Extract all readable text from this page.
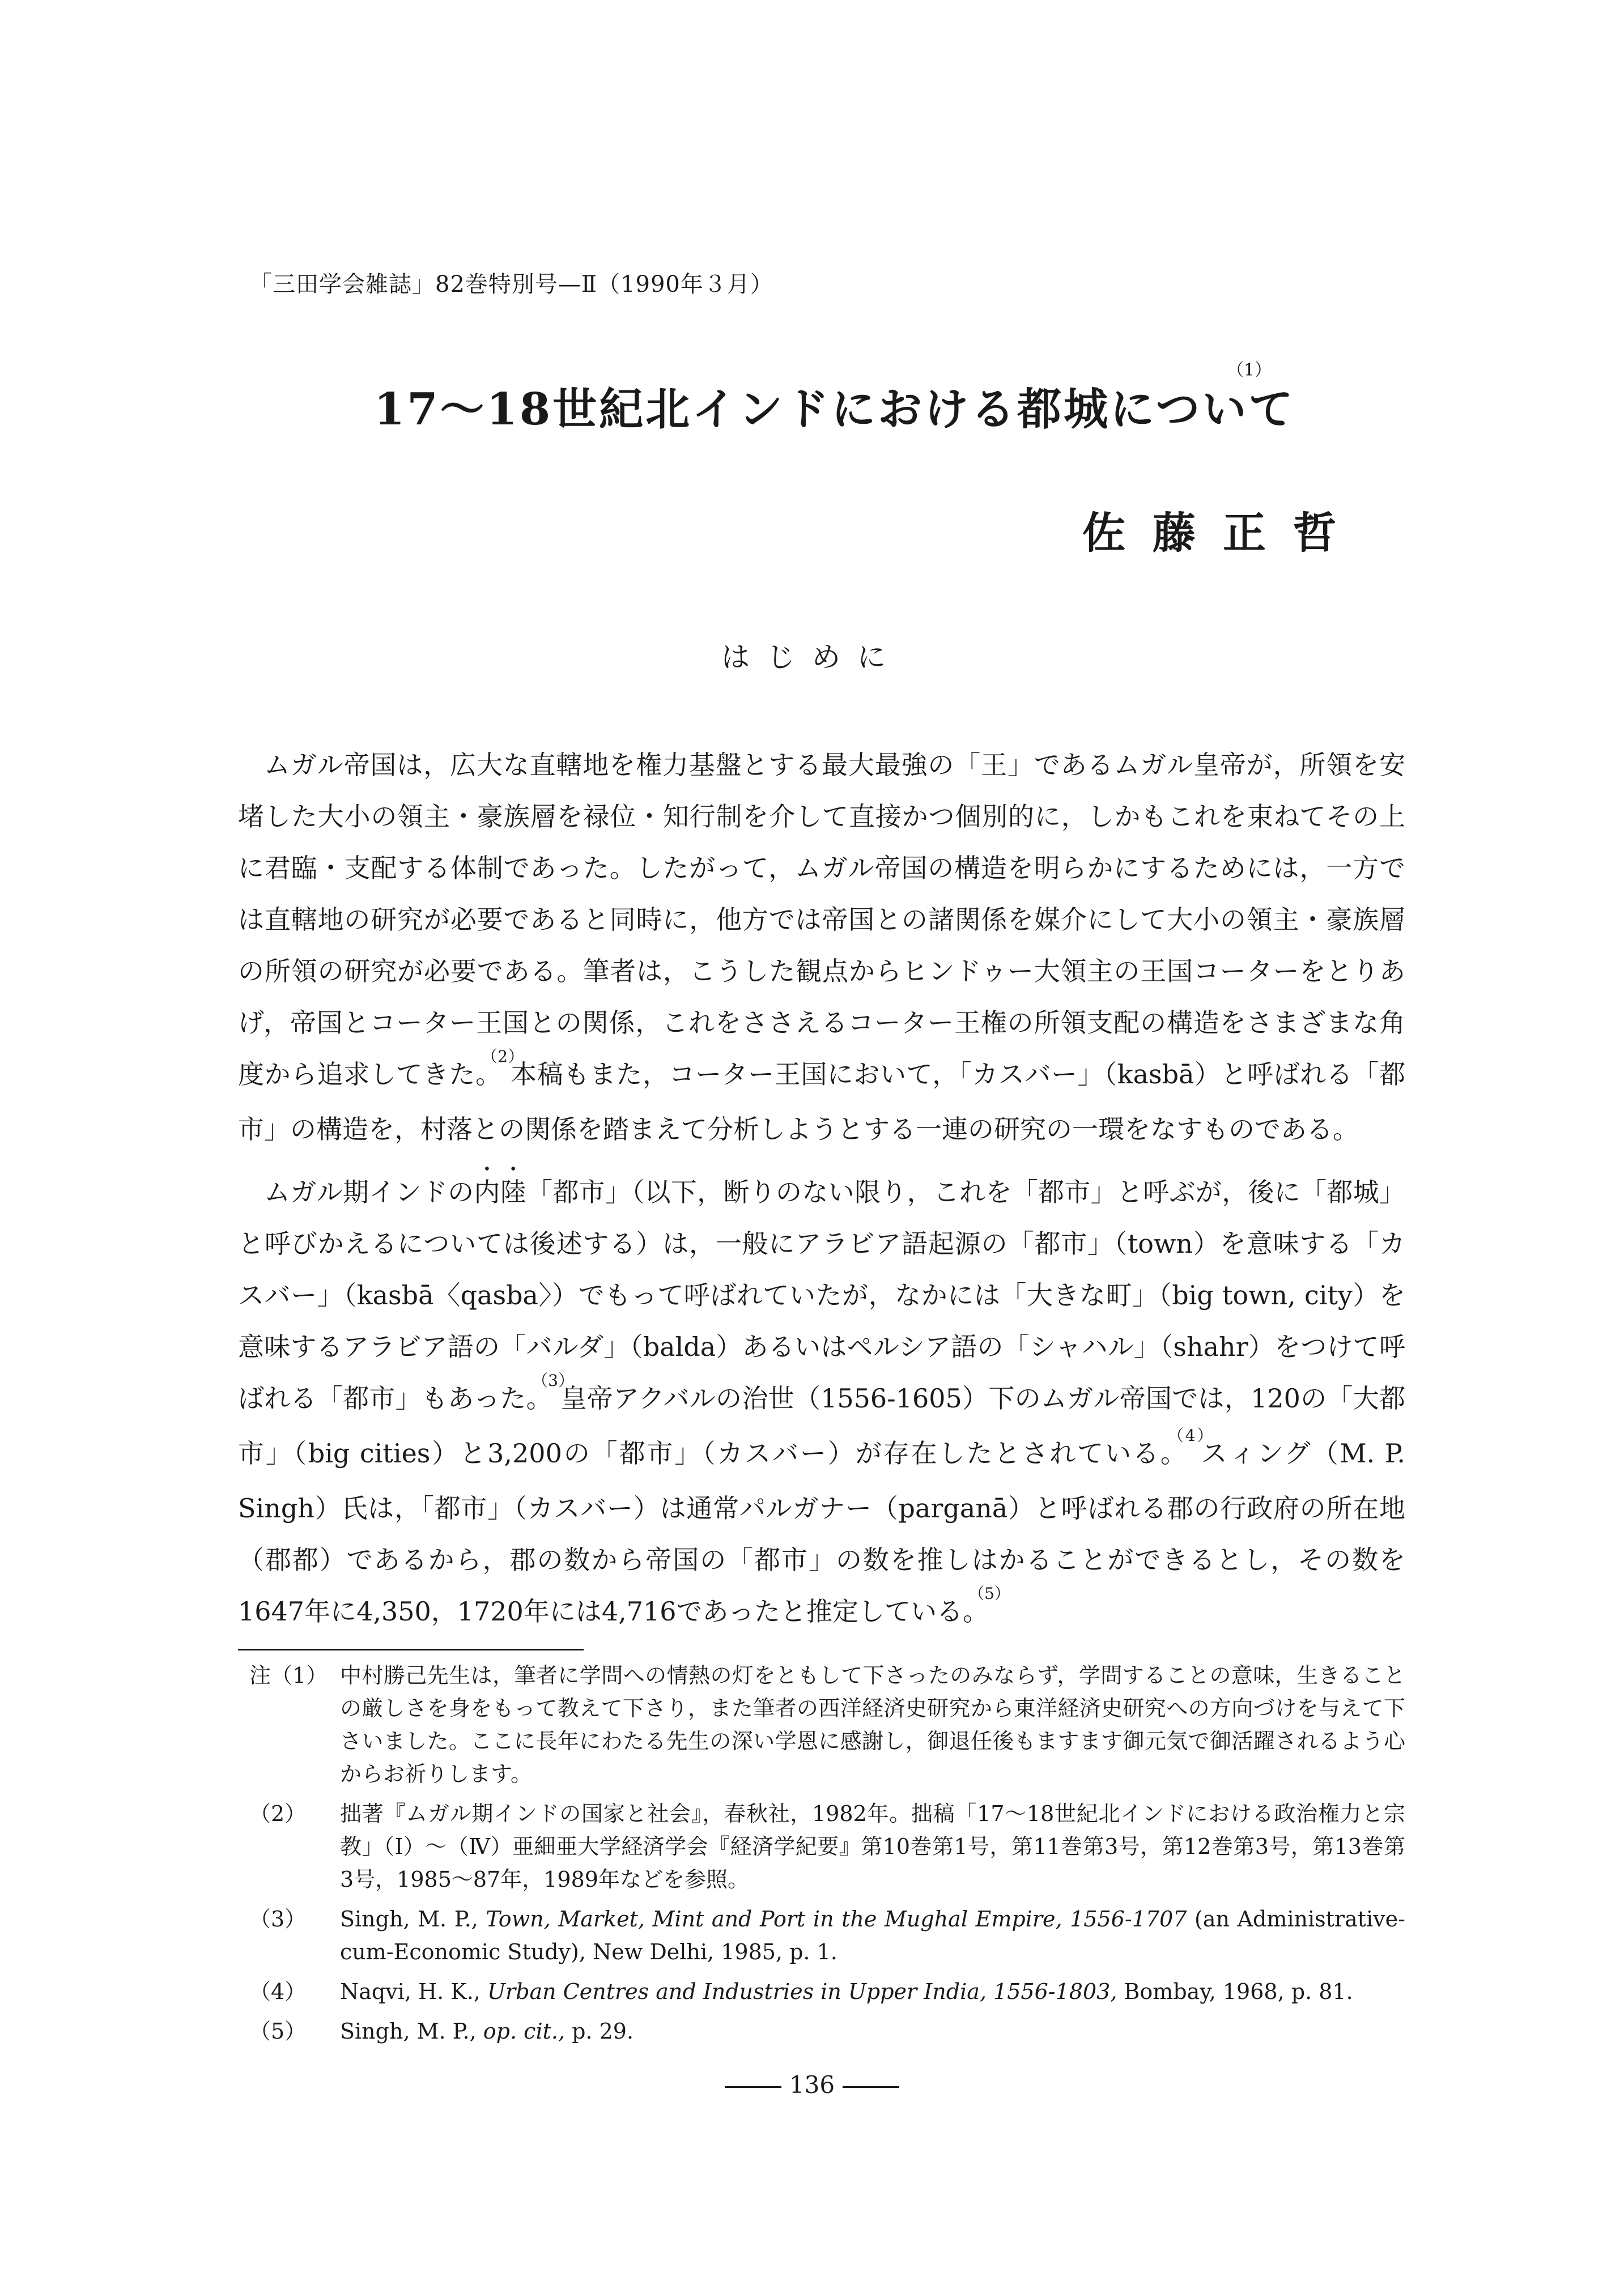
「三田学会雑誌」82巻特別号—Ⅱ（1990年３月）
17〜18世紀北インドにおける都城について
（1）
佐藤正哲
はじめに

ムガル帝国は，広大な直轄地を権力基盤とする最大最強の「王」であるムガル皇帝が，所領を安堵した大小の領主・豪族層を禄位・知行制を介して直接かつ個別的に，しかもこれを束ねてその上に君臨・支配する体制であった。したがって，ムガル帝国の構造を明らかにするためには，一方では直轄地の研究が必要であると同時に，他方では帝国との諸関係を媒介にして大小の領主・豪族層の所領の研究が必要である。筆者は，こうした観点からヒンドゥー大領主の王国コーターをとりあげ，帝国とコーター王国との関係，これをささえるコーター王権の所領支配の構造をさまざまな角度から追求してきた。$^{(2)}$本稿もまた，コーター王国において，「カスバー」（kasbā）と呼ばれる「都市」の構造を，村落との関係を踏まえて分析しようとする一連の研究の一環をなすものである。

ムガル期インドの内陸「都市」（以下，断りのない限り，これを「都市」と呼ぶが，後に「都城」と呼びかえるについては後述する）は，一般にアラビア語起源の「都市」（town）を意味する「カスバー」（kasbā〈qasba〉）でもって呼ばれていたが，なかには「大きな町」（big town, city）を意味するアラビア語の「バルダ」（balda）あるいはペルシア語の「シャハル」（shahr）をつけて呼ばれる「都市」もあった。$^{(3)}$皇帝アクバルの治世（1556-1605）下のムガル帝国では，120の「大都市」（big cities）と3,200の「都市」（カスバー）が存在したとされている。$^{(4)}$スィング（M. P. Singh）氏は，「都市」（カスバー）は通常パルガナー（parganā）と呼ばれる郡の行政府の所在地（郡都）であるから，郡の数から帝国の「都市」の数を推しはかることができるとし，その数を1647年に4,350，1720年には4,716であったと推定している。$^{(5)}$

注（1） 中村勝己先生は，筆者に学問への情熱の灯をともして下さったのみならず，学問することの意味，生きることの厳しさを身をもって教えて下さり，また筆者の西洋経済史研究から東洋経済史研究への方向づけを与えて下さいました。ここに長年にわたる先生の深い学恩に感謝し，御退任後もますます御元気で御活躍されるよう心からお祈りします。
（2）	拙著『ムガル期インドの国家と社会』，春秋社，1982年。拙稿「17〜18世紀北インドにおける政治権力と宗教」（Ⅰ）〜（Ⅳ）亜細亜大学経済学会『経済学紀要』第10巻第1号，第11巻第3号，第12巻第3号，第13巻第3号，1985〜87年，1989年などを参照。
（3）	Singh, M. P., Town, Market, Mint and Port in the Mughal Empire, 1556-1707 (an Administrative-cum-Economic Study), New Delhi, 1985, p. 1.
（4）	Naqvi, H. K., Urban Centres and Industries in Upper India, 1556-1803, Bombay, 1968, p. 81.
（5）	Singh, M. P., op. cit., p. 29.
136
